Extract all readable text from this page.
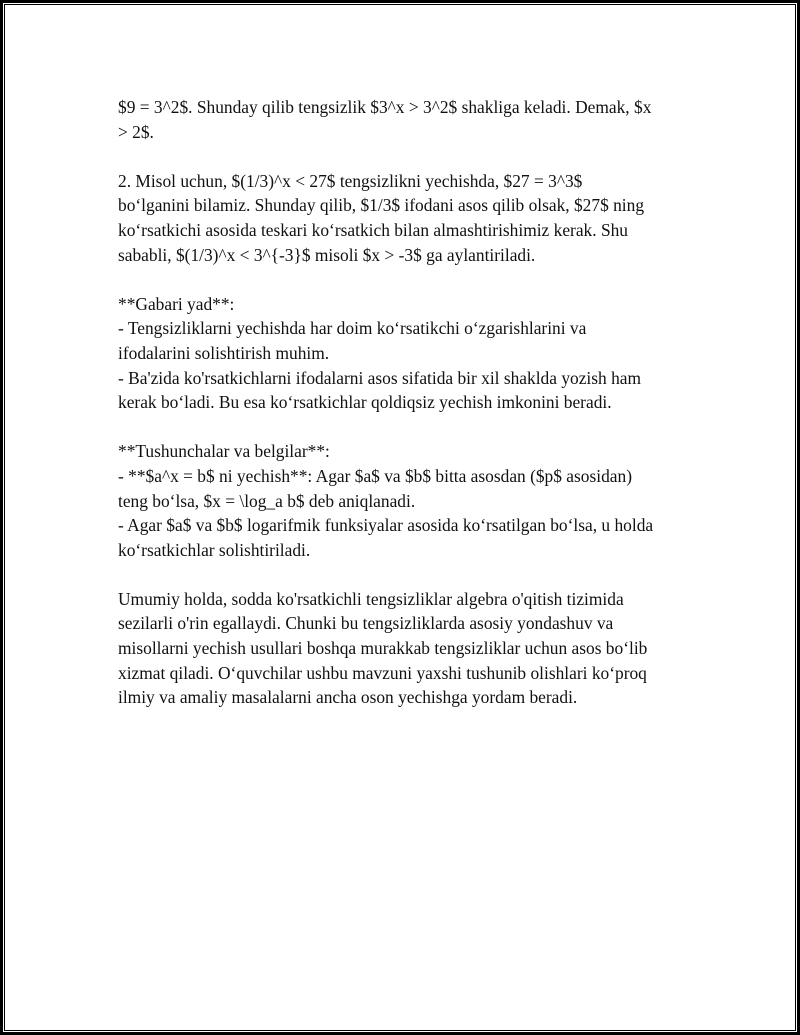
$9 = 3^2$. Shunday qilib tengsizlik $3^x > 3^2$ shakliga keladi. Demak, $x
> 2$.

2. Misol uchun, $(1/3)^x < 27$ tengsizlikni yechishda, $27 = 3^3$
boʻlganini bilamiz. Shunday qilib, $1/3$ ifodani asos qilib olsak, $27$ ning
koʻrsatkichi asosida teskari koʻrsatkich bilan almashtirishimiz kerak. Shu
sababli, $(1/3)^x < 3^{-3}$ misoli $x > -3$ ga aylantiriladi.

**Gabari yad**:
- Tengsizliklarni yechishda har doim koʻrsatikchi oʻzgarishlarini va
ifodalarini solishtirish muhim.
- Ba'zida ko'rsatkichlarni ifodalarni asos sifatida bir xil shaklda yozish ham
kerak boʻladi. Bu esa koʻrsatkichlar qoldiqsiz yechish imkonini beradi.

**Tushunchalar va belgilar**:
- **$a^x = b$ ni yechish**: Agar $a$ va $b$ bitta asosdan ($p$ asosidan)
teng boʻlsa, $x = \log_a b$ deb aniqlanadi.
- Agar $a$ va $b$ logarifmik funksiyalar asosida koʻrsatilgan boʻlsa, u holda
koʻrsatkichlar solishtiriladi.

Umumiy holda, sodda ko'rsatkichli tengsizliklar algebra o'qitish tizimida
sezilarli o'rin egallaydi. Chunki bu tengsizliklarda asosiy yondashuv va
misollarni yechish usullari boshqa murakkab tengsizliklar uchun asos boʻlib
xizmat qiladi. Oʻquvchilar ushbu mavzuni yaxshi tushunib olishlari koʻproq
ilmiy va amaliy masalalarni ancha oson yechishga yordam beradi.
